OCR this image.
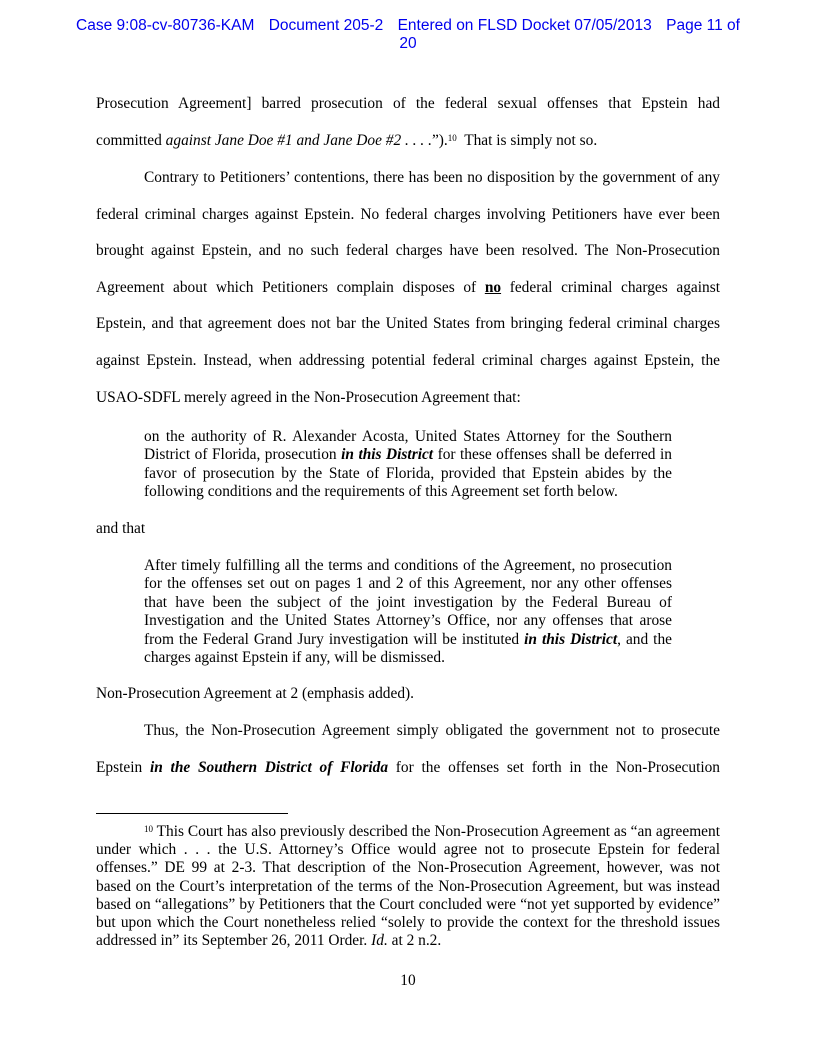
Case 9:08-cv-80736-KAM Document 205-2 Entered on FLSD Docket 07/05/2013 Page 11 of
20
Prosecution Agreement] barred prosecution of the federal sexual offenses that Epstein had
committed against Jane Doe #1 and Jane Doe #2 . . . .”).$^{10}$  That is simply not so.
Contrary to Petitioners’ contentions, there has been no disposition by the government of any federal criminal charges against Epstein. No federal charges involving Petitioners have ever been brought against Epstein, and no such federal charges have been resolved. The Non-Prosecution Agreement about which Petitioners complain disposes of no federal criminal charges against Epstein, and that agreement does not bar the United States from bringing federal criminal charges against Epstein. Instead, when addressing potential federal criminal charges against Epstein, the USAO-SDFL merely agreed in the Non-Prosecution Agreement that:
on the authority of R. Alexander Acosta, United States Attorney for the Southern District of Florida, prosecution in this District for these offenses shall be deferred in favor of prosecution by the State of Florida, provided that Epstein abides by the following conditions and the requirements of this Agreement set forth below.
and that
After timely fulfilling all the terms and conditions of the Agreement, no prosecution for the offenses set out on pages 1 and 2 of this Agreement, nor any other offenses that have been the subject of the joint investigation by the Federal Bureau of Investigation and the United States Attorney’s Office, nor any offenses that arose from the Federal Grand Jury investigation will be instituted in this District, and the charges against Epstein if any, will be dismissed.
Non-Prosecution Agreement at 2 (emphasis added).
Thus, the Non-Prosecution Agreement simply obligated the government not to prosecute Epstein in the Southern District of Florida for the offenses set forth in the Non-Prosecution
$^{10}$ This Court has also previously described the Non-Prosecution Agreement as “an agreement under which . . . the U.S. Attorney’s Office would agree not to prosecute Epstein for federal offenses.” DE 99 at 2-3. That description of the Non-Prosecution Agreement, however, was not based on the Court’s interpretation of the terms of the Non-Prosecution Agreement, but was instead based on “allegations” by Petitioners that the Court concluded were “not yet supported by evidence” but upon which the Court nonetheless relied “solely to provide the context for the threshold issues addressed in” its September 26, 2011 Order. Id. at 2 n.2.
10
